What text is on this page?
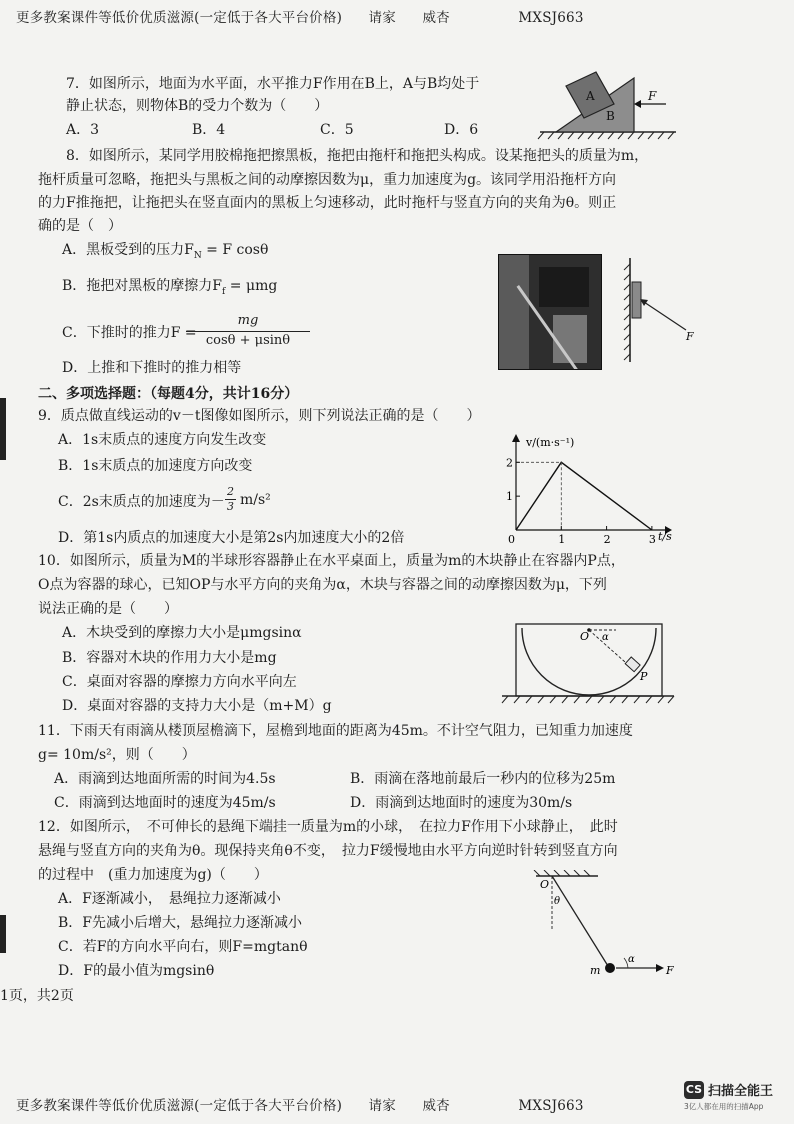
更多教案课件等低价优质滋源(一定低于各大平台价格) 请家 威杏	MXSJ663
7．如图所示，地面为水平面，水平推力F作用在B上，A与B均处于
静止状态，则物体B的受力个数为（　　）
A．3	B．4	C．5	D．6
A
B
F
8．如图所示，某同学用胶棉拖把擦黑板，拖把由拖杆和拖把头构成。设某拖把头的质量为m，
拖杆质量可忽略，拖把头与黑板之间的动摩擦因数为μ，重力加速度为g。该同学用沿拖杆方向
的力F推拖把，让拖把头在竖直面内的黑板上匀速移动，此时拖杆与竖直方向的夹角为θ。则正
确的是（　）
A．黑板受到的压力$F_N = F$ cosθ
B．拖把对黑板的摩擦力$F_f = \mu mg$
C．下推时的推力F =
mg
cosθ + μsinθ
D．上推和下推时的推力相等
F
二、多项选择题：（每题4分，共计16分）
9．质点做直线运动的v－t图像如图所示，则下列说法正确的是（　　）
A．1s末质点的速度方向发生改变
B．1s末质点的加速度方向改变
C．2s末质点的加速度为－
2
3 m/s²
D．第1s内质点的加速度大小是第2s内加速度大小的2倍
v/(m·s⁻¹)
t/s
2
1
0	1	2	3
10．如图所示，质量为M的半球形容器静止在水平桌面上，质量为m的木块静止在容器内P点，
O点为容器的球心，已知OP与水平方向的夹角为α，木块与容器之间的动摩擦因数为μ，下列
说法正确的是（　　）
A．木块受到的摩擦力大小是μmgsinα
B．容器对木块的作用力大小是mg
C．桌面对容器的摩擦力方向水平向左
D．桌面对容器的支持力大小是（m+M）g
O α
P
11．下雨天有雨滴从楼顶屋檐滴下，屋檐到地面的距离为45m。不计空气阻力，已知重力加速度
g= 10m/s²，则（　　）
A．雨滴到达地面所需的时间为4.5s	B．雨滴在落地前最后一秒内的位移为25m
C．雨滴到达地面时的速度为45m/s	D．雨滴到达地面时的速度为30m/s
12．如图所示，　不可伸长的悬绳下端挂一质量为m的小球，　在拉力F作用下小球静止，　此时
悬绳与竖直方向的夹角为θ。现保持夹角θ不变，　拉力F缓慢地由水平方向逆时针转到竖直方向
的过程中　(重力加速度为g)（　　）
A．F逐渐减小，　悬绳拉力逐渐减小
B．F先减小后增大，悬绳拉力逐渐减小
C．若F的方向水平向右，则F=mgtanθ
D．F的最小值为mgsinθ
O
θ
m
α
F
1页，共2页
更多教案课件等低价优质滋源(一定低于各大平台价格) 请家 威杏	MXSJ663
CS 扫描全能王
3亿人都在用的扫描App
